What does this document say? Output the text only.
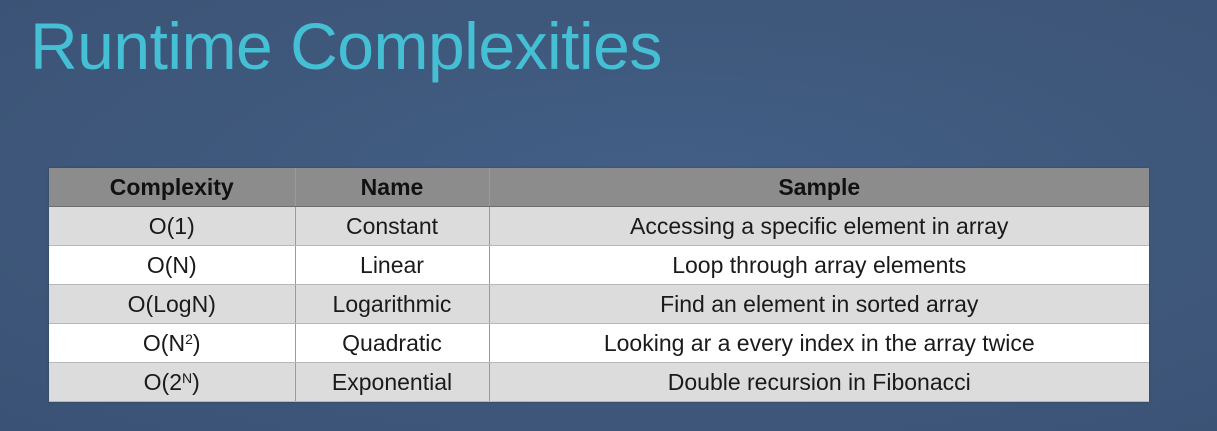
Runtime Complexities
Complexity	Name	Sample
O(1)	Constant	Accessing a specific element in array
O(N)	Linear	Loop through array elements
O(LogN)	Logarithmic	Find an element in sorted array
$O(N^2)$	Quadratic	Looking ar a every index in the array twice
$O(2^N)$	Exponential	Double recursion in Fibonacci
